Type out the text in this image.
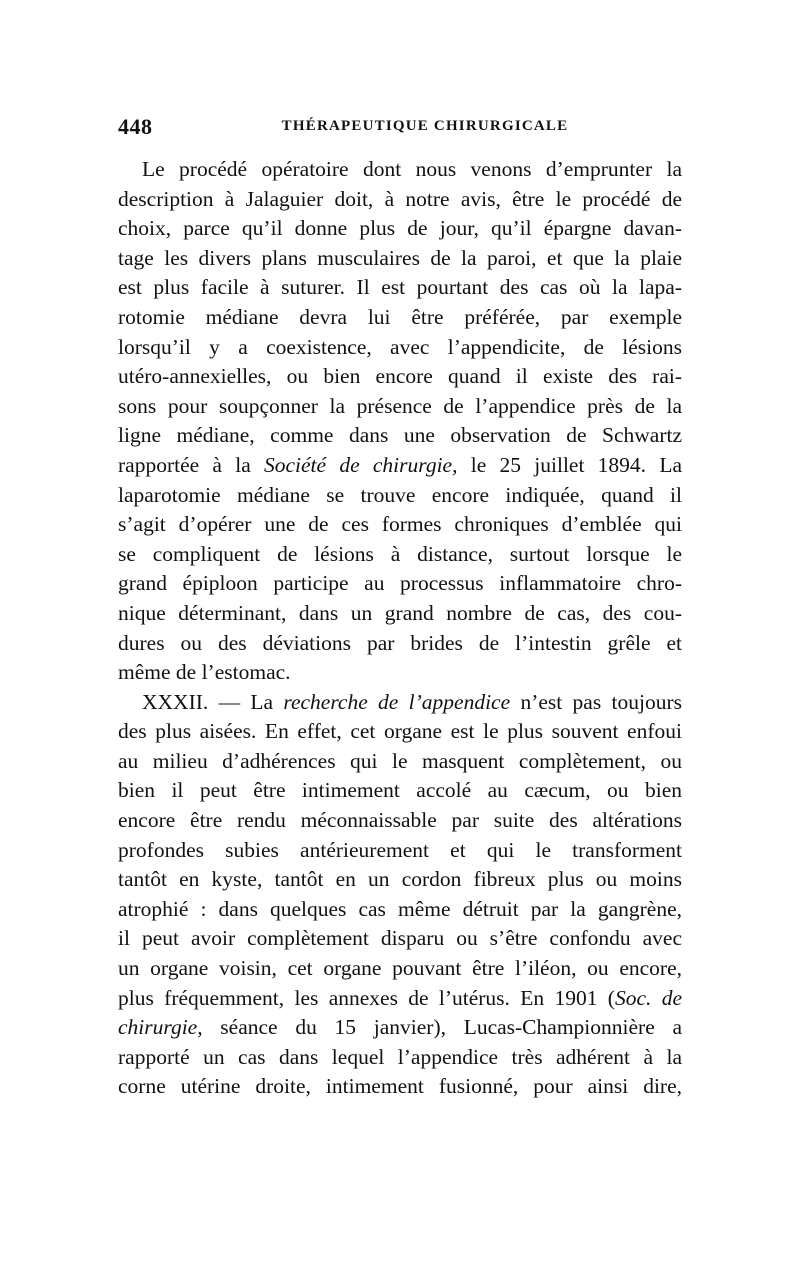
448	THÉRAPEUTIQUE CHIRURGICALE
Le procédé opératoire dont nous venons d’emprunter la
description à Jalaguier doit, à notre avis, être le procédé de
choix, parce qu’il donne plus de jour, qu’il épargne davan-
tage les divers plans musculaires de la paroi, et que la plaie
est plus facile à suturer. Il est pourtant des cas où la lapa-
rotomie médiane devra lui être préférée, par exemple
lorsqu’il y a coexistence, avec l’appendicite, de lésions
utéro-annexielles, ou bien encore quand il existe des rai-
sons pour soupçonner la présence de l’appendice près de la
ligne médiane, comme dans une observation de Schwartz
rapportée à la Société de chirurgie, le 25 juillet 1894. La
laparotomie médiane se trouve encore indiquée, quand il
s’agit d’opérer une de ces formes chroniques d’emblée qui
se compliquent de lésions à distance, surtout lorsque le
grand épiploon participe au processus inflammatoire chro-
nique déterminant, dans un grand nombre de cas, des cou-
dures ou des déviations par brides de l’intestin grêle et
même de l’estomac.
XXXII. — La recherche de l’appendice n’est pas toujours
des plus aisées. En effet, cet organe est le plus souvent enfoui
au milieu d’adhérences qui le masquent complètement, ou
bien il peut être intimement accolé au cæcum, ou bien
encore être rendu méconnaissable par suite des altérations
profondes subies antérieurement et qui le transforment
tantôt en kyste, tantôt en un cordon fibreux plus ou moins
atrophié : dans quelques cas même détruit par la gangrène,
il peut avoir complètement disparu ou s’être confondu avec
un organe voisin, cet organe pouvant être l’iléon, ou encore,
plus fréquemment, les annexes de l’utérus. En 1901 (Soc. de
chirurgie, séance du 15 janvier), Lucas-Championnière a
rapporté un cas dans lequel l’appendice très adhérent à la
corne utérine droite, intimement fusionné, pour ainsi dire,
